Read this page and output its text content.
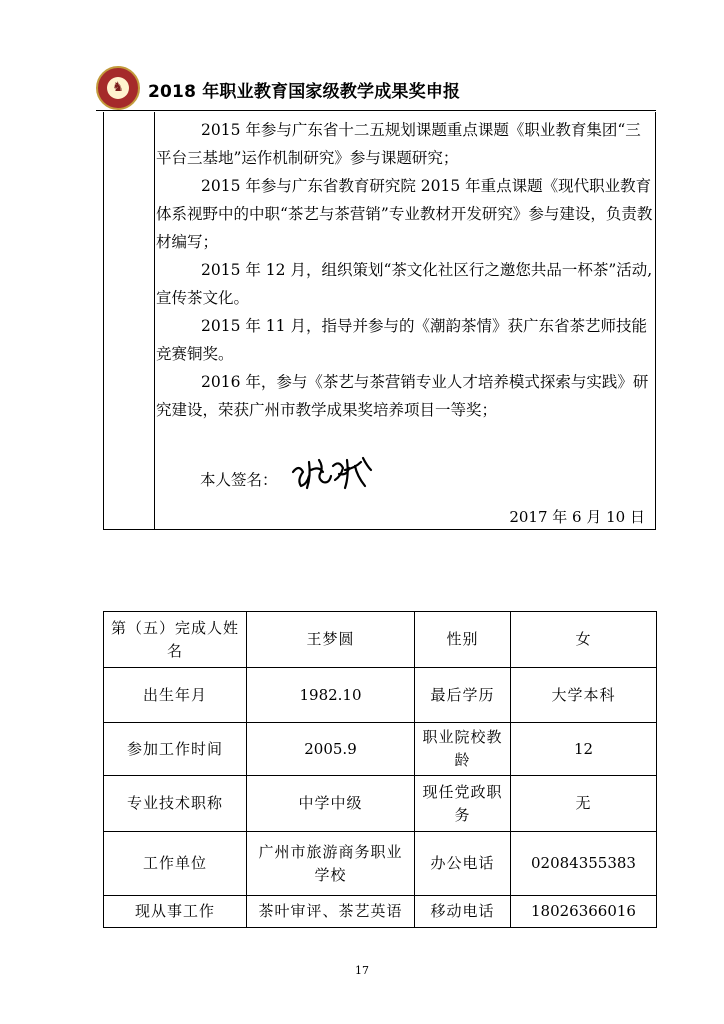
♞	2018 年职业教育国家级教学成果奖申报

2015 年参与广东省十二五规划课题重点课题《职业教育集团“三平台三基地”运作机制研究》参与课题研究；

2015 年参与广东省教育研究院 2015 年重点课题《现代职业教育体系视野中的中职“茶艺与茶营销”专业教材开发研究》参与建设，负责教材编写；

2015 年 12 月，组织策划“茶文化社区行之邀您共品一杯茶”活动,宣传茶文化。

2015 年 11 月，指导并参与的《潮韵茶情》获广东省茶艺师技能竞赛铜奖。

2016 年，参与《茶艺与茶营销专业人才培养模式探索与实践》研究建设，荣获广州市教学成果奖培养项目一等奖；

本人签名：
2017 年 6 月 10 日
第（五）完成人姓名	王梦圆	性别	女
出生年月	1982.10	最后学历	大学本科
参加工作时间	2005.9	职业院校教龄	12
专业技术职称	中学中级	现任党政职务	无
工作单位	广州市旅游商务职业学校	办公电话	02084355383
现从事工作	茶叶审评、茶艺英语	移动电话	18026366016
17
